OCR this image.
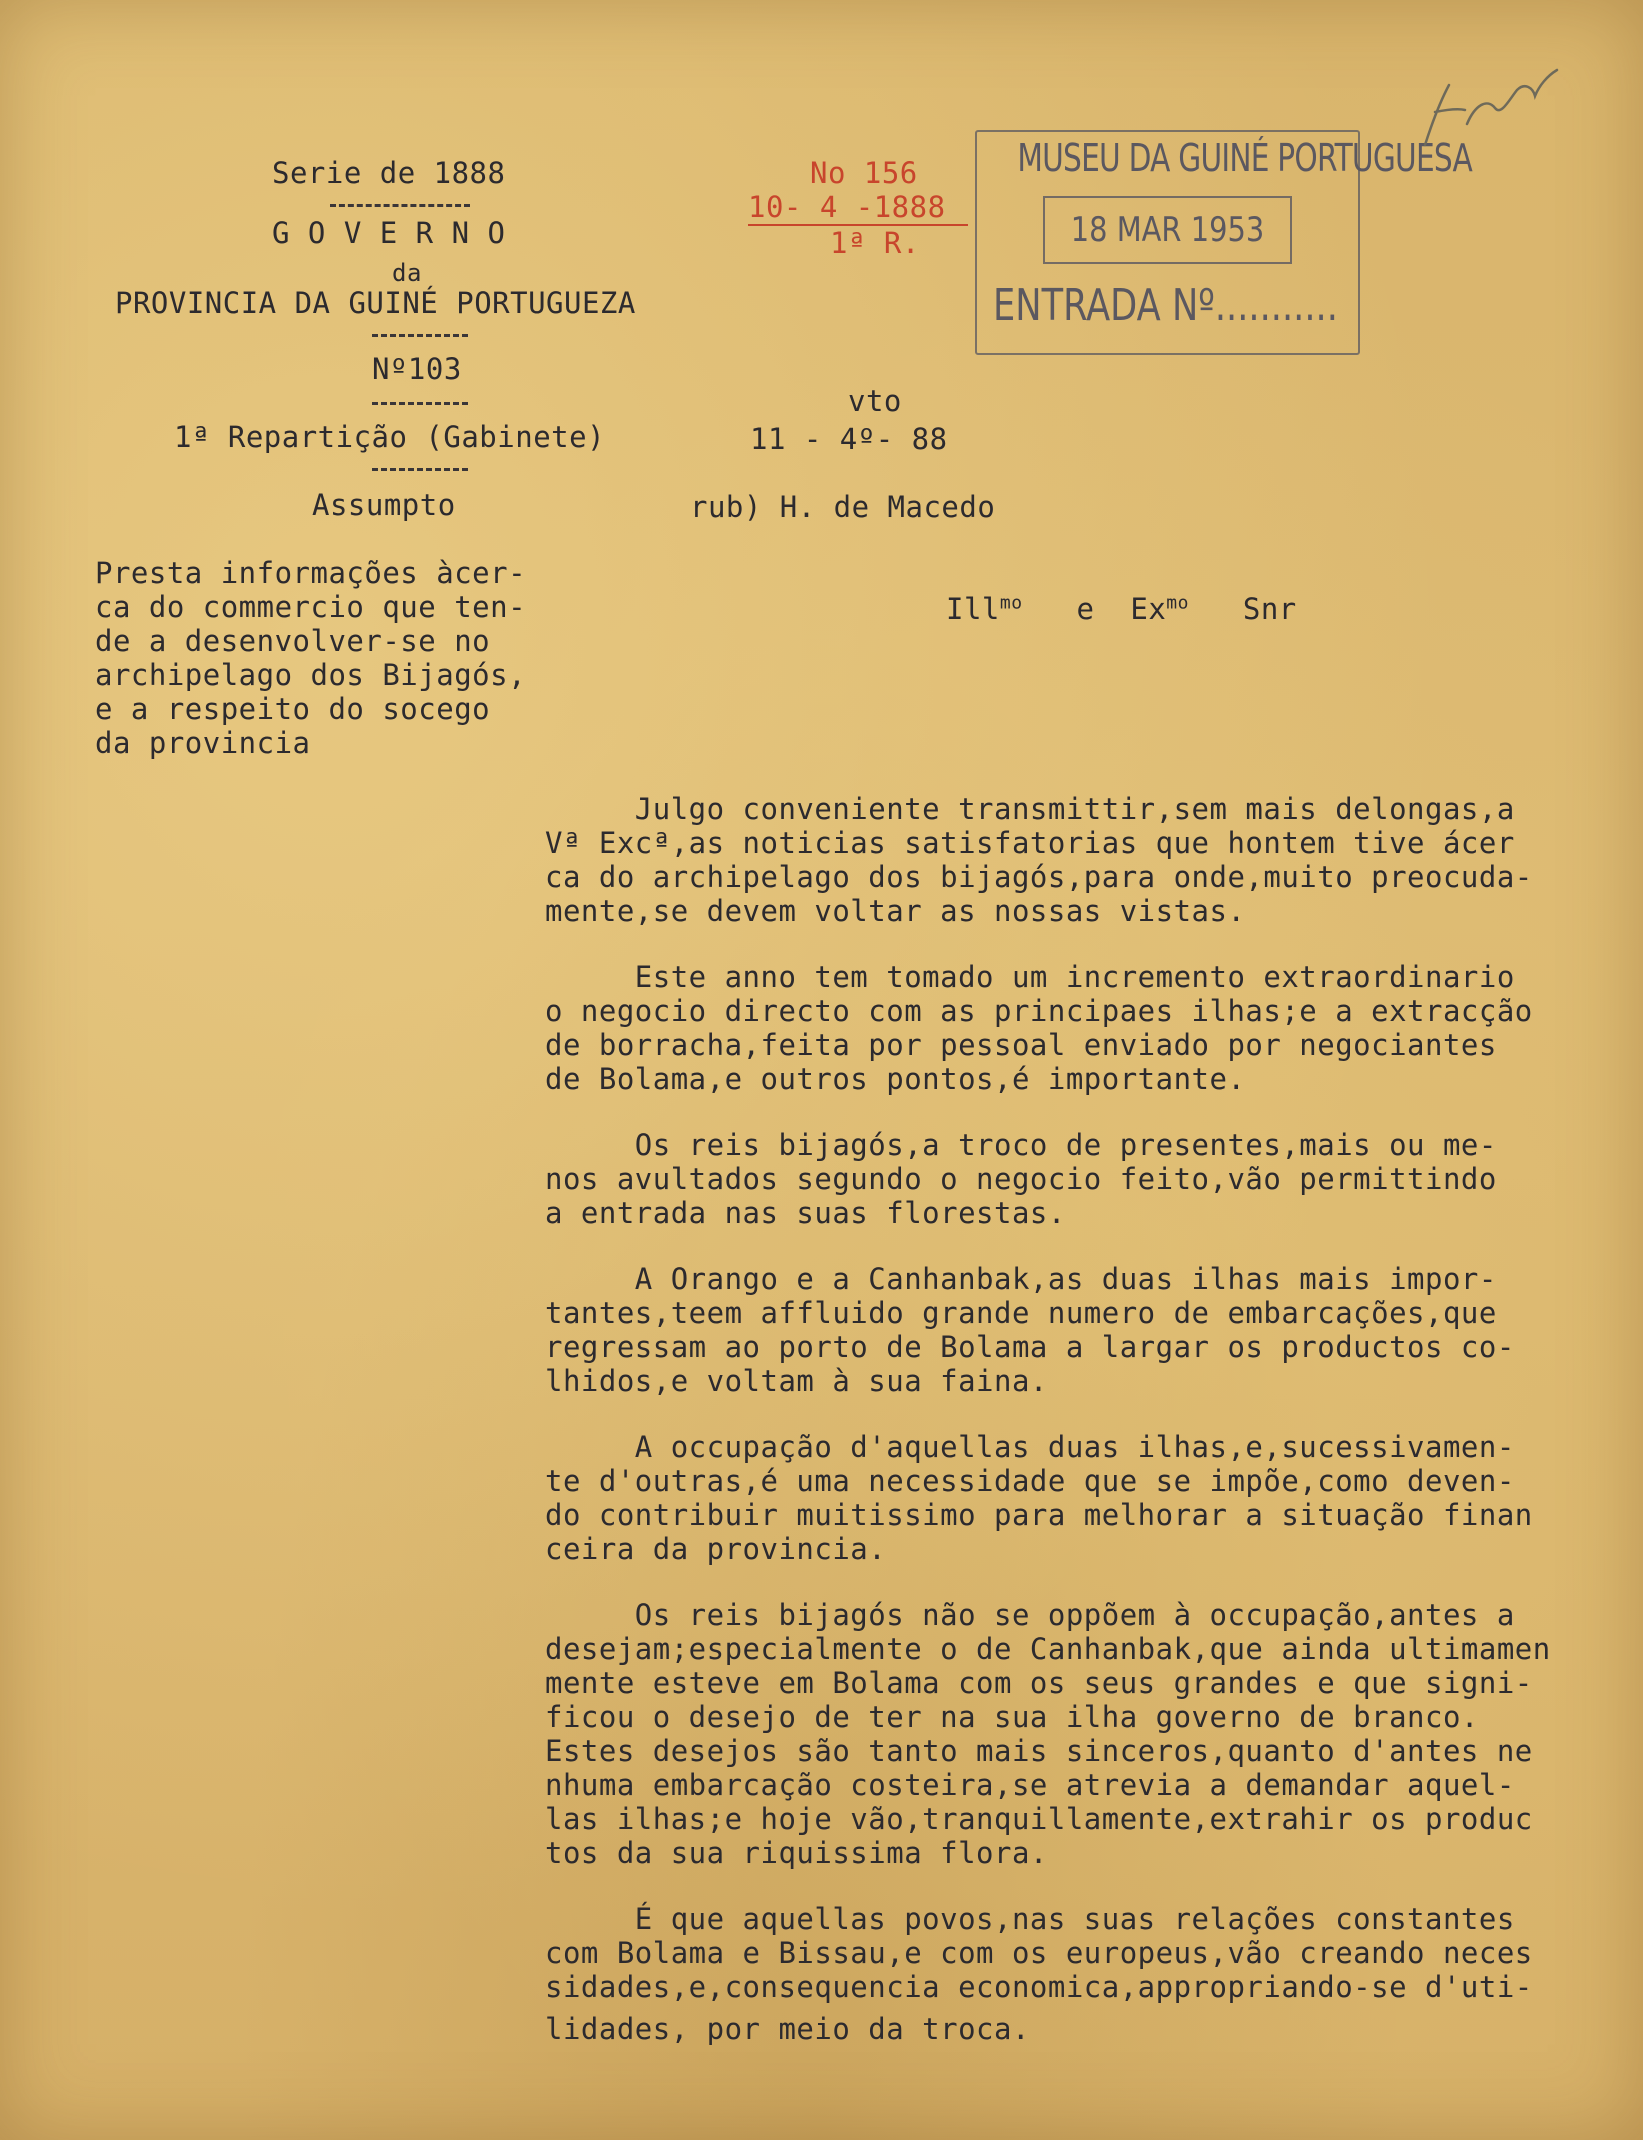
Serie de 1888
G O V E R N O
da
PROVINCIA DA GUINÉ PORTUGUEZA
Nº103
1ª Repartição (Gabinete)
Assumpto
No 156
10- 4 -1888
1ª R.
MUSEU DA GUINÉ PORTUGUESA
18 MAR 1953
ENTRADA Nº...........
vto
11 - 4º- 88
rub) H. de Macedo
Presta informações àcer-
ca do commercio que ten-
de a desenvolver-se no
archipelago dos Bijagós,
e a respeito do socego
da provincia
Ill$^{mo}$ e $Ex^{mo}$ Snr
Julgo conveniente transmittir,sem mais delongas,a
Vª Excª,as noticias satisfatorias que hontem tive ácer
ca do archipelago dos bijagós,para onde,muito preocuda-
mente,se devem voltar as nossas vistas.
Este anno tem tomado um incremento extraordinario
o negocio directo com as principaes ilhas;e a extracção
de borracha,feita por pessoal enviado por negociantes
de Bolama,e outros pontos,é importante.
Os reis bijagós,a troco de presentes,mais ou me-
nos avultados segundo o negocio feito,vão permittindo
a entrada nas suas florestas.
A Orango e a Canhanbak,as duas ilhas mais impor-
tantes,teem affluido grande numero de embarcações,que
regressam ao porto de Bolama a largar os productos co-
lhidos,e voltam à sua faina.
A occupação d'aquellas duas ilhas,e,sucessivamen-
te d'outras,é uma necessidade que se impõe,como deven-
do contribuir muitissimo para melhorar a situação finan
ceira da provincia.
Os reis bijagós não se oppõem à occupação,antes a
desejam;especialmente o de Canhanbak,que ainda ultimamen
mente esteve em Bolama com os seus grandes e que signi-
ficou o desejo de ter na sua ilha governo de branco.
Estes desejos são tanto mais sinceros,quanto d'antes ne
nhuma embarcação costeira,se atrevia a demandar aquel-
las ilhas;e hoje vão,tranquillamente,extrahir os produc
tos da sua riquissima flora.
É que aquellas povos,nas suas relações constantes
com Bolama e Bissau,e com os europeus,vão creando neces
sidades,e,consequencia economica,appropriando-se d'uti-
lidades, por meio da troca.
